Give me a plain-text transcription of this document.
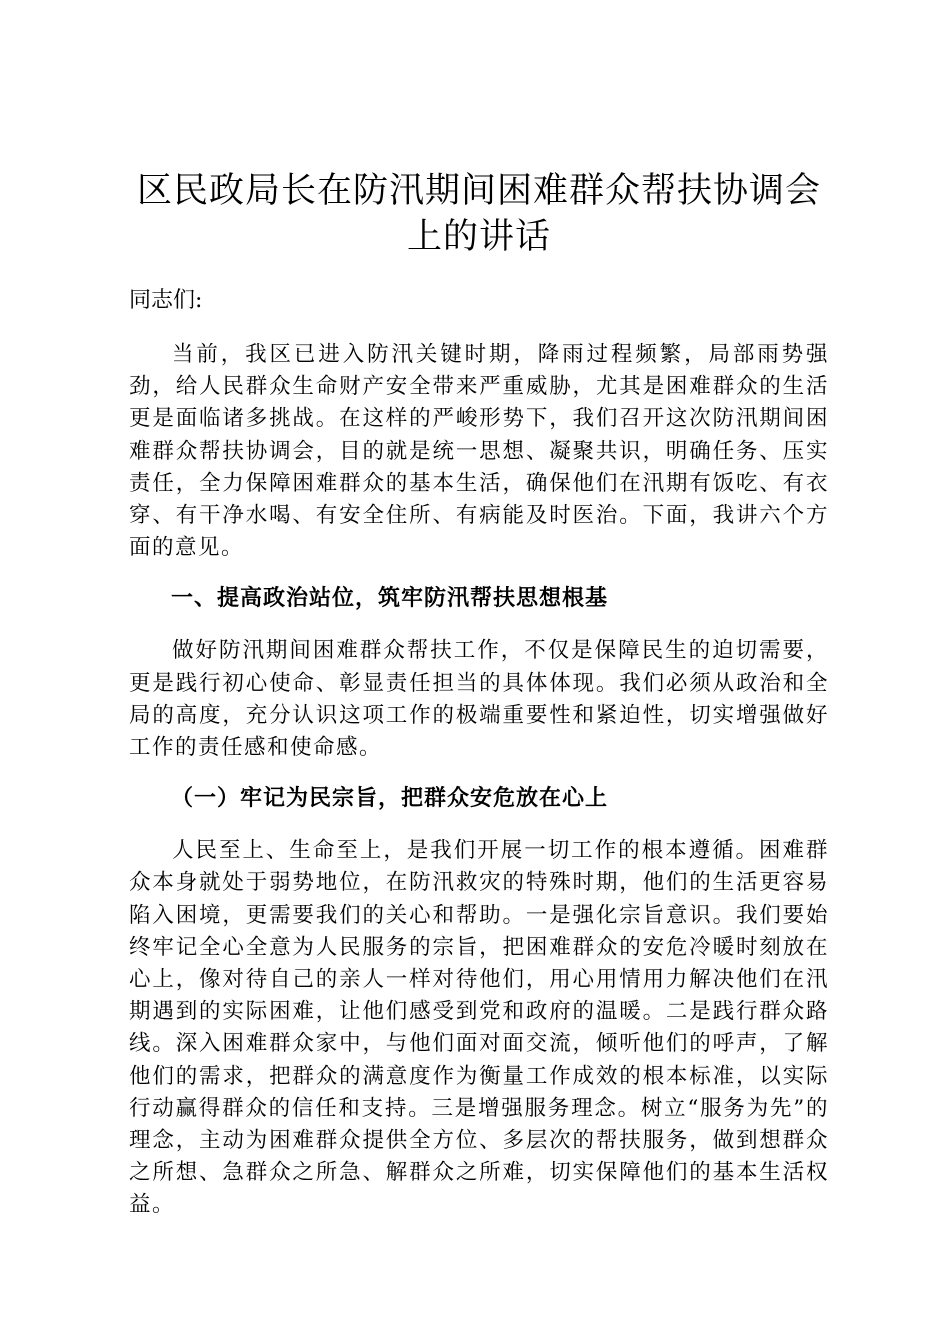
区民政局长在防汛期间困难群众帮扶协调会上的讲话

同志们:

当前，我区已进入防汛关键时期，降雨过程频繁，局部雨势强劲，给人民群众生命财产安全带来严重威胁，尤其是困难群众的生活更是面临诸多挑战。在这样的严峻形势下，我们召开这次防汛期间困难群众帮扶协调会，目的就是统一思想、凝聚共识，明确任务、压实责任，全力保障困难群众的基本生活，确保他们在汛期有饭吃、有衣穿、有干净水喝、有安全住所、有病能及时医治。下面，我讲六个方面的意见。

一、提高政治站位，筑牢防汛帮扶思想根基

做好防汛期间困难群众帮扶工作，不仅是保障民生的迫切需要，更是践行初心使命、彰显责任担当的具体体现。我们必须从政治和全局的高度，充分认识这项工作的极端重要性和紧迫性，切实增强做好工作的责任感和使命感。

（一）牢记为民宗旨，把群众安危放在心上

人民至上、生命至上，是我们开展一切工作的根本遵循。困难群众本身就处于弱势地位，在防汛救灾的特殊时期，他们的生活更容易陷入困境，更需要我们的关心和帮助。一是强化宗旨意识。我们要始终牢记全心全意为人民服务的宗旨，把困难群众的安危冷暖时刻放在心上，像对待自己的亲人一样对待他们，用心用情用力解决他们在汛期遇到的实际困难，让他们感受到党和政府的温暖。二是践行群众路线。深入困难群众家中，与他们面对面交流，倾听他们的呼声，了解他们的需求，把群众的满意度作为衡量工作成效的根本标准，以实际行动赢得群众的信任和支持。三是增强服务理念。树立“服务为先”的理念，主动为困难群众提供全方位、多层次的帮扶服务，做到想群众之所想、急群众之所急、解群众之所难，切实保障他们的基本生活权益。
